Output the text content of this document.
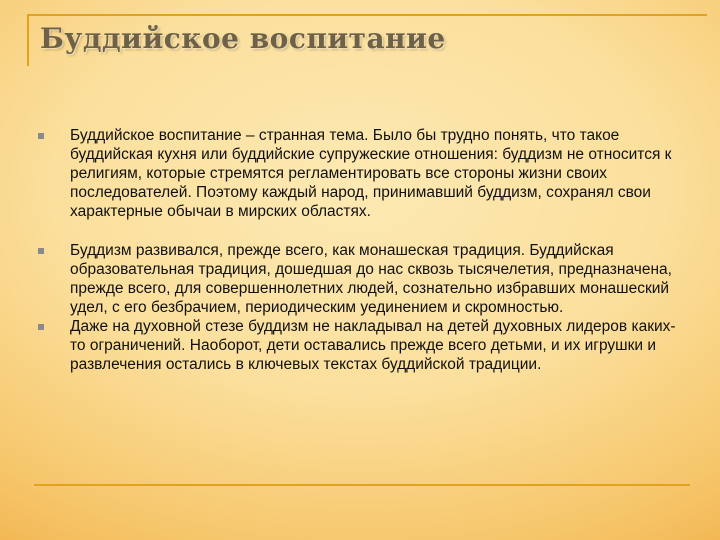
Буддийское воспитание
Буддийское воспитание – странная тема. Было бы трудно понять, что такое буддийская кухня или буддийские супружеские отношения: буддизм не относится к религиям, которые стремятся регламентировать все стороны жизни своих последователей. Поэтому каждый народ, принимавший буддизм, сохранял свои характерные обычаи в мирских областях.
Буддизм развивался, прежде всего, как монашеская традиция. Буддийская образовательная традиция, дошедшая до нас сквозь тысячелетия, предназначена, прежде всего, для совершеннолетних людей, сознательно избравших монашеский удел, с его безбрачием, периодическим уединением и скромностью.
Даже на духовной стезе буддизм не накладывал на детей духовных лидеров каких-то ограничений. Наоборот, дети оставались прежде всего детьми, и их игрушки и развлечения остались в ключевых текстах буддийской традиции.
